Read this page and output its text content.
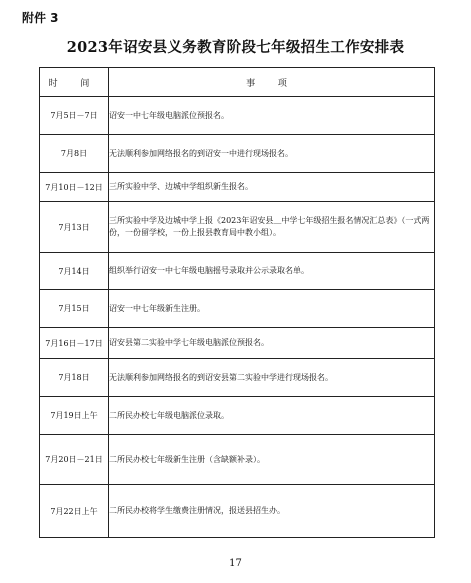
附件 3
2023年诏安县义务教育阶段七年级招生工作安排表
时 间	事 项
7月5日－7日	诏安一中七年级电脑派位预报名。
7月8日	无法顺利参加网络报名的到诏安一中进行现场报名。
7月10日－12日	三所实验中学、边城中学组织新生报名。
7月13日	三所实验中学及边城中学上报《2023年诏安县＿中学七年级招生报名情况汇总表》（一式两份，一份留学校，一份上报县教育局中教小组）。
7月14日	组织举行诏安一中七年级电脑摇号录取并公示录取名单。
7月15日	诏安一中七年级新生注册。
7月16日－17日	诏安县第二实验中学七年级电脑派位预报名。
7月18日	无法顺利参加网络报名的到诏安县第二实验中学进行现场报名。
7月19日上午	二所民办校七年级电脑派位录取。
7月20日－21日	二所民办校七年级新生注册（含缺额补录）。
7月22日上午	二所民办校将学生缴费注册情况，报送县招生办。
17
